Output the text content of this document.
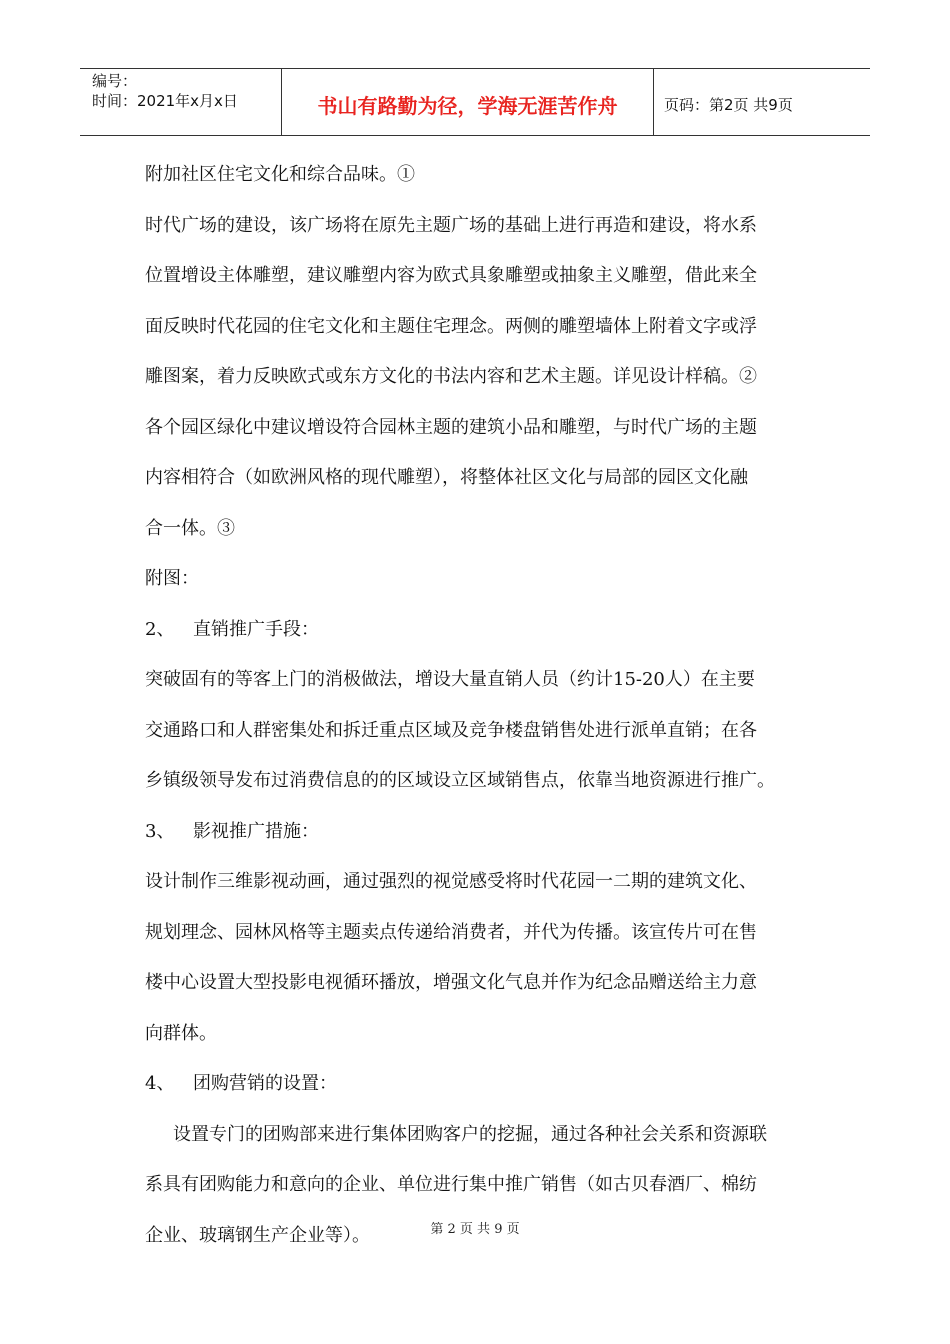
编号：
时间：2021年x月x日	书山有路勤为径，学海无涯苦作舟	页码：第2页 共9页
附加社区住宅文化和综合品味。①
时代广场的建设，该广场将在原先主题广场的基础上进行再造和建设，将水系
位置增设主体雕塑，建议雕塑内容为欧式具象雕塑或抽象主义雕塑，借此来全
面反映时代花园的住宅文化和主题住宅理念。两侧的雕塑墙体上附着文字或浮
雕图案，着力反映欧式或东方文化的书法内容和艺术主题。详见设计样稿。②
各个园区绿化中建议增设符合园林主题的建筑小品和雕塑，与时代广场的主题
内容相符合（如欧洲风格的现代雕塑），将整体社区文化与局部的园区文化融
合一体。③
附图：
2、 直销推广手段：
突破固有的等客上门的消极做法，增设大量直销人员（约计15-20人）在主要
交通路口和人群密集处和拆迁重点区域及竞争楼盘销售处进行派单直销；在各
乡镇级领导发布过消费信息的的区域设立区域销售点，依靠当地资源进行推广。
3、 影视推广措施：
设计制作三维影视动画，通过强烈的视觉感受将时代花园一二期的建筑文化、
规划理念、园林风格等主题卖点传递给消费者，并代为传播。该宣传片可在售
楼中心设置大型投影电视循环播放，增强文化气息并作为纪念品赠送给主力意
向群体。
4、 团购营销的设置：
设置专门的团购部来进行集体团购客户的挖掘，通过各种社会关系和资源联
系具有团购能力和意向的企业、单位进行集中推广销售（如古贝春酒厂、棉纺
企业、玻璃钢生产企业等）。	第 2 页 共 9 页
